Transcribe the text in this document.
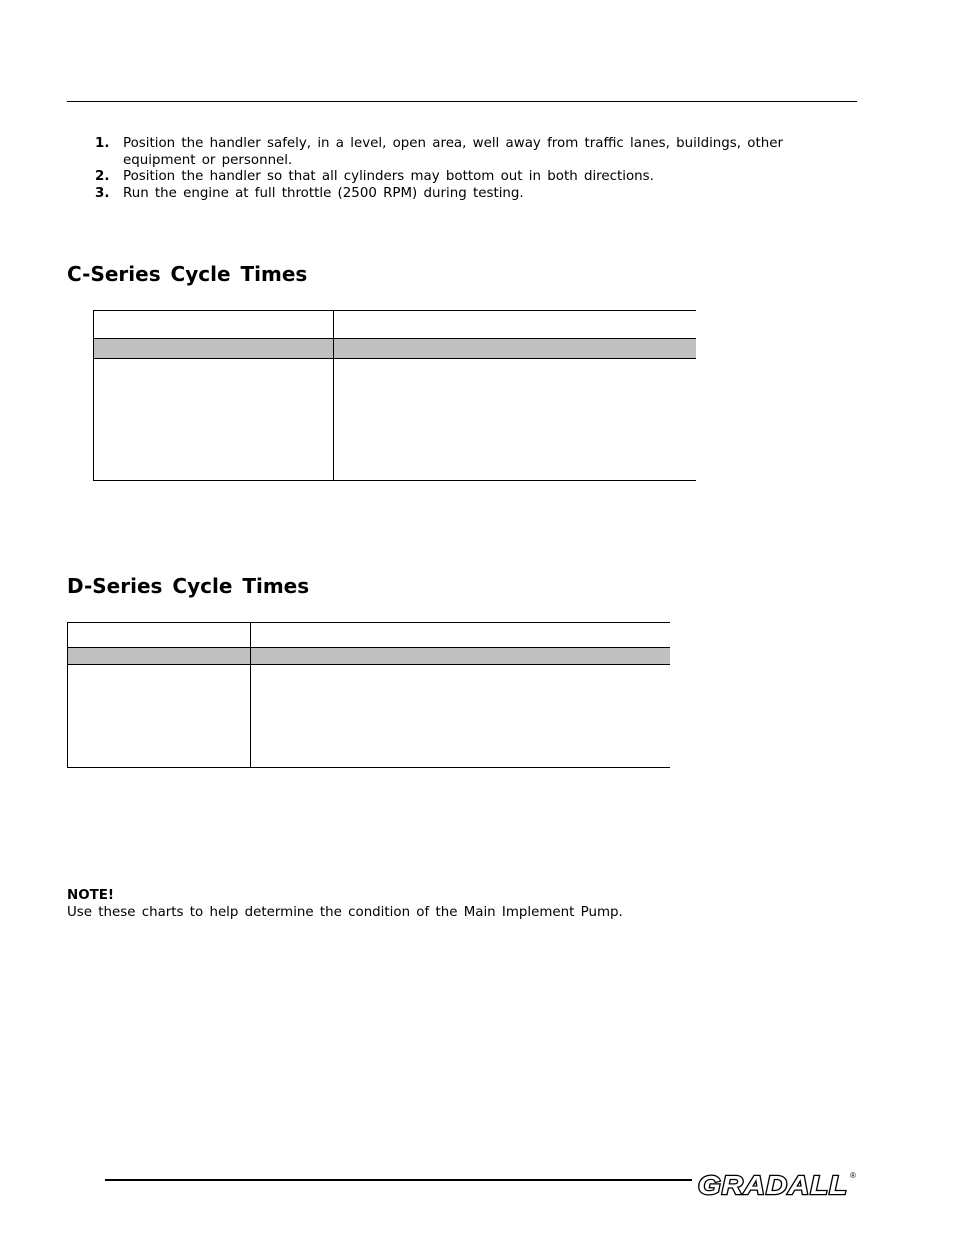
1. Position the handler safely, in a level, open area, well away from traffic lanes, buildings, other
equipment or personnel.
2. Position the handler so that all cylinders may bottom out in both directions.
3. Run the engine at full throttle (2500 RPM) during testing.
C-Series Cycle Times
D-Series Cycle Times
NOTE!
Use these charts to help determine the condition of the Main Implement Pump.
GRADALL ®
